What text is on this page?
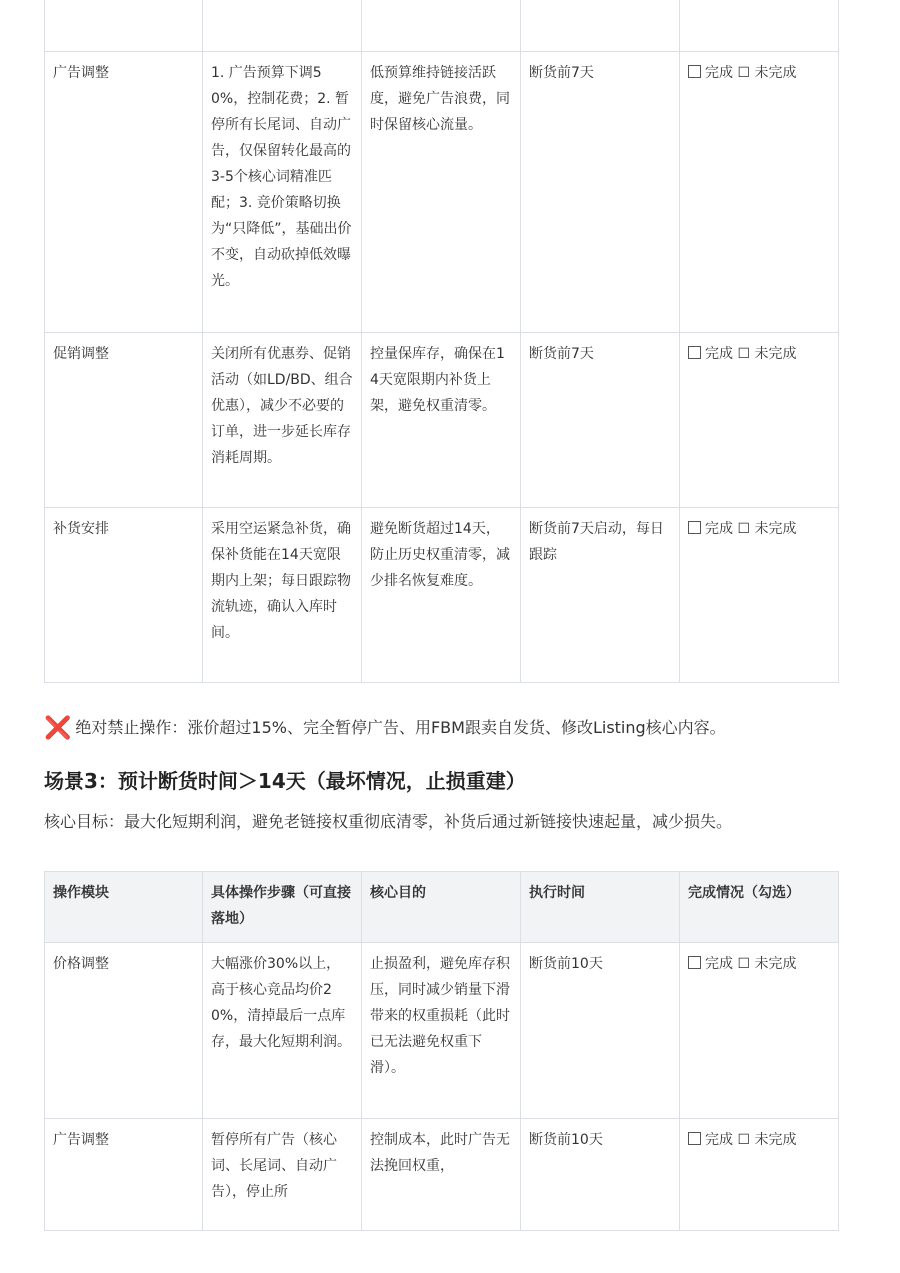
广告调整	1. 广告预算下调50%，控制花费；2. 暂停所有长尾词、自动广告，仅保留转化最高的3-5个核心词精准匹配；3. 竞价策略切换为“只降低”，基础出价不变，自动砍掉低效曝光。	低预算维持链接活跃度，避免广告浪费，同时保留核心流量。	断货前7天	完成 ☐ 未完成
促销调整	关闭所有优惠券、促销活动（如LD/BD、组合优惠），减少不必要的订单，进一步延长库存消耗周期。	控量保库存，确保在14天宽限期内补货上架，避免权重清零。	断货前7天	完成 ☐ 未完成
补货安排	采用空运紧急补货，确保补货能在14天宽限期内上架；每日跟踪物流轨迹，确认入库时间。	避免断货超过14天，防止历史权重清零，减少排名恢复难度。	断货前7天启动，每日跟踪	完成 ☐ 未完成
❌ 绝对禁止操作：涨价超过15%、完全暂停广告、用FBM跟卖自发货、修改Listing核心内容。
场景3：预计断货时间＞14天（最坏情况，止损重建）
核心目标：最大化短期利润，避免老链接权重彻底清零，补货后通过新链接快速起量，减少损失。
操作模块	具体操作步骤（可直接落地）	核心目的	执行时间	完成情况（勾选）
价格调整	大幅涨价30%以上，高于核心竞品均价20%，清掉最后一点库存，最大化短期利润。	止损盈利，避免库存积压，同时减少销量下滑带来的权重损耗（此时已无法避免权重下滑）。	断货前10天	完成 ☐ 未完成
广告调整	暂停所有广告（核心词、长尾词、自动广告），停止所	控制成本，此时广告无法挽回权重，	断货前10天	完成 ☐ 未完成
